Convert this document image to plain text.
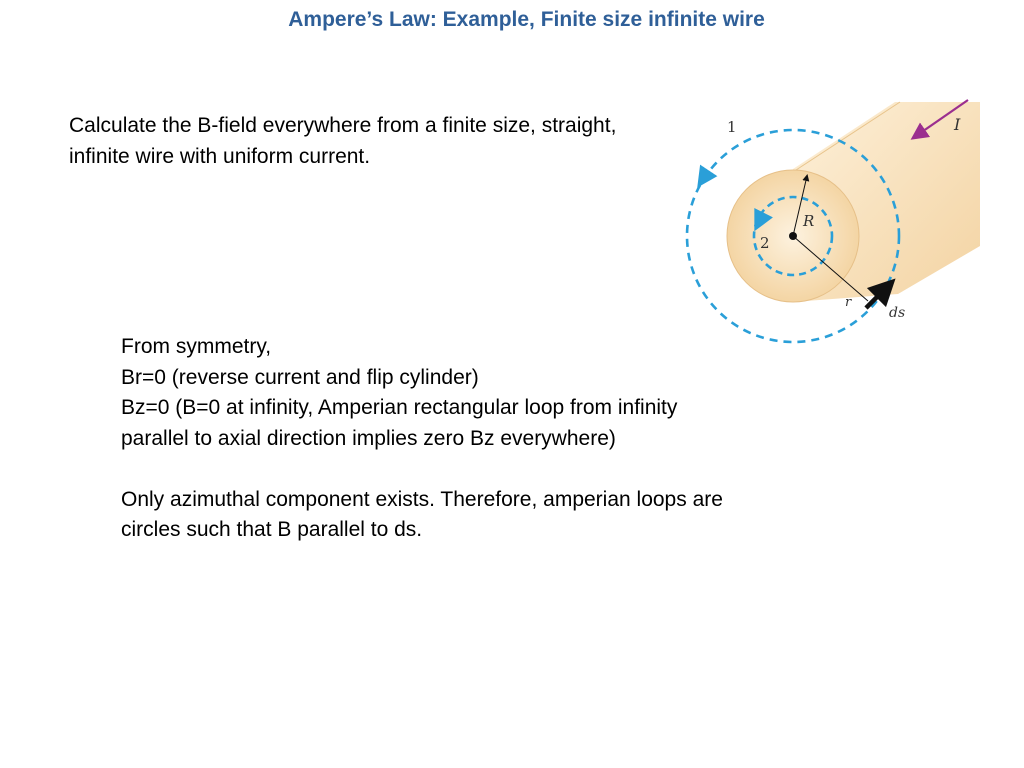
Ampere’s Law: Example, Finite size infinite wire
Calculate the B-field everywhere from a finite size, straight, infinite wire with uniform current.

From symmetry,

Br=0 (reverse current and flip cylinder)

Bz=0 (B=0 at infinity, Amperian rectangular loop from infinity parallel to axial direction implies zero Bz everywhere)

Only azimuthal component exists. Therefore, amperian loops are circles such that B parallel to ds.

1
2
I
R
r
ds
